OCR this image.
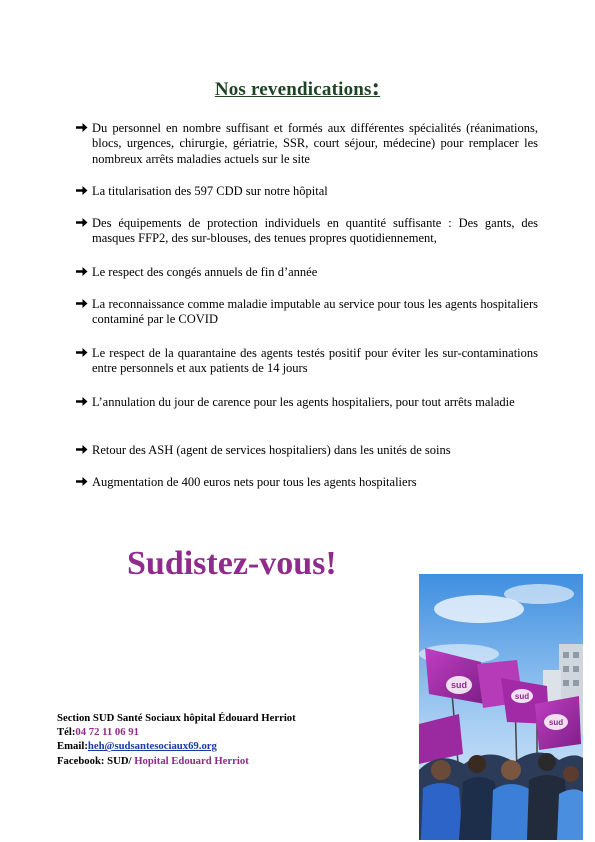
Nos revendications:
Du personnel en nombre suffisant et formés aux différentes spécialités (réanimations, blocs, urgences, chirurgie, gériatrie, SSR, court séjour, médecine) pour remplacer les nombreux arrêts maladies actuels sur le site
La titularisation des 597 CDD sur notre hôpital
Des équipements de protection individuels en quantité suffisante : Des gants, des masques FFP2, des sur-blouses, des tenues propres quotidiennement,
Le respect des congés annuels de fin d’année
La reconnaissance comme maladie imputable au service pour tous les agents hospitaliers contaminé par le COVID
Le respect de la quarantaine des agents testés positif pour éviter les sur-contaminations entre personnels et aux patients de 14 jours
L’annulation du jour de carence pour les agents hospitaliers, pour tout arrêts maladie
Retour des ASH (agent de services hospitaliers) dans les unités de soins
Augmentation de 400 euros nets pour tous les agents hospitaliers
Sudistez-vous!
Section SUD Santé Sociaux hôpital Édouard Herriot
Tél:04 72 11 06 91
Email:heh@sudsantesociaux69.org
Facebook: SUD/ Hopital Edouard Herriot
sud
sud
sud
